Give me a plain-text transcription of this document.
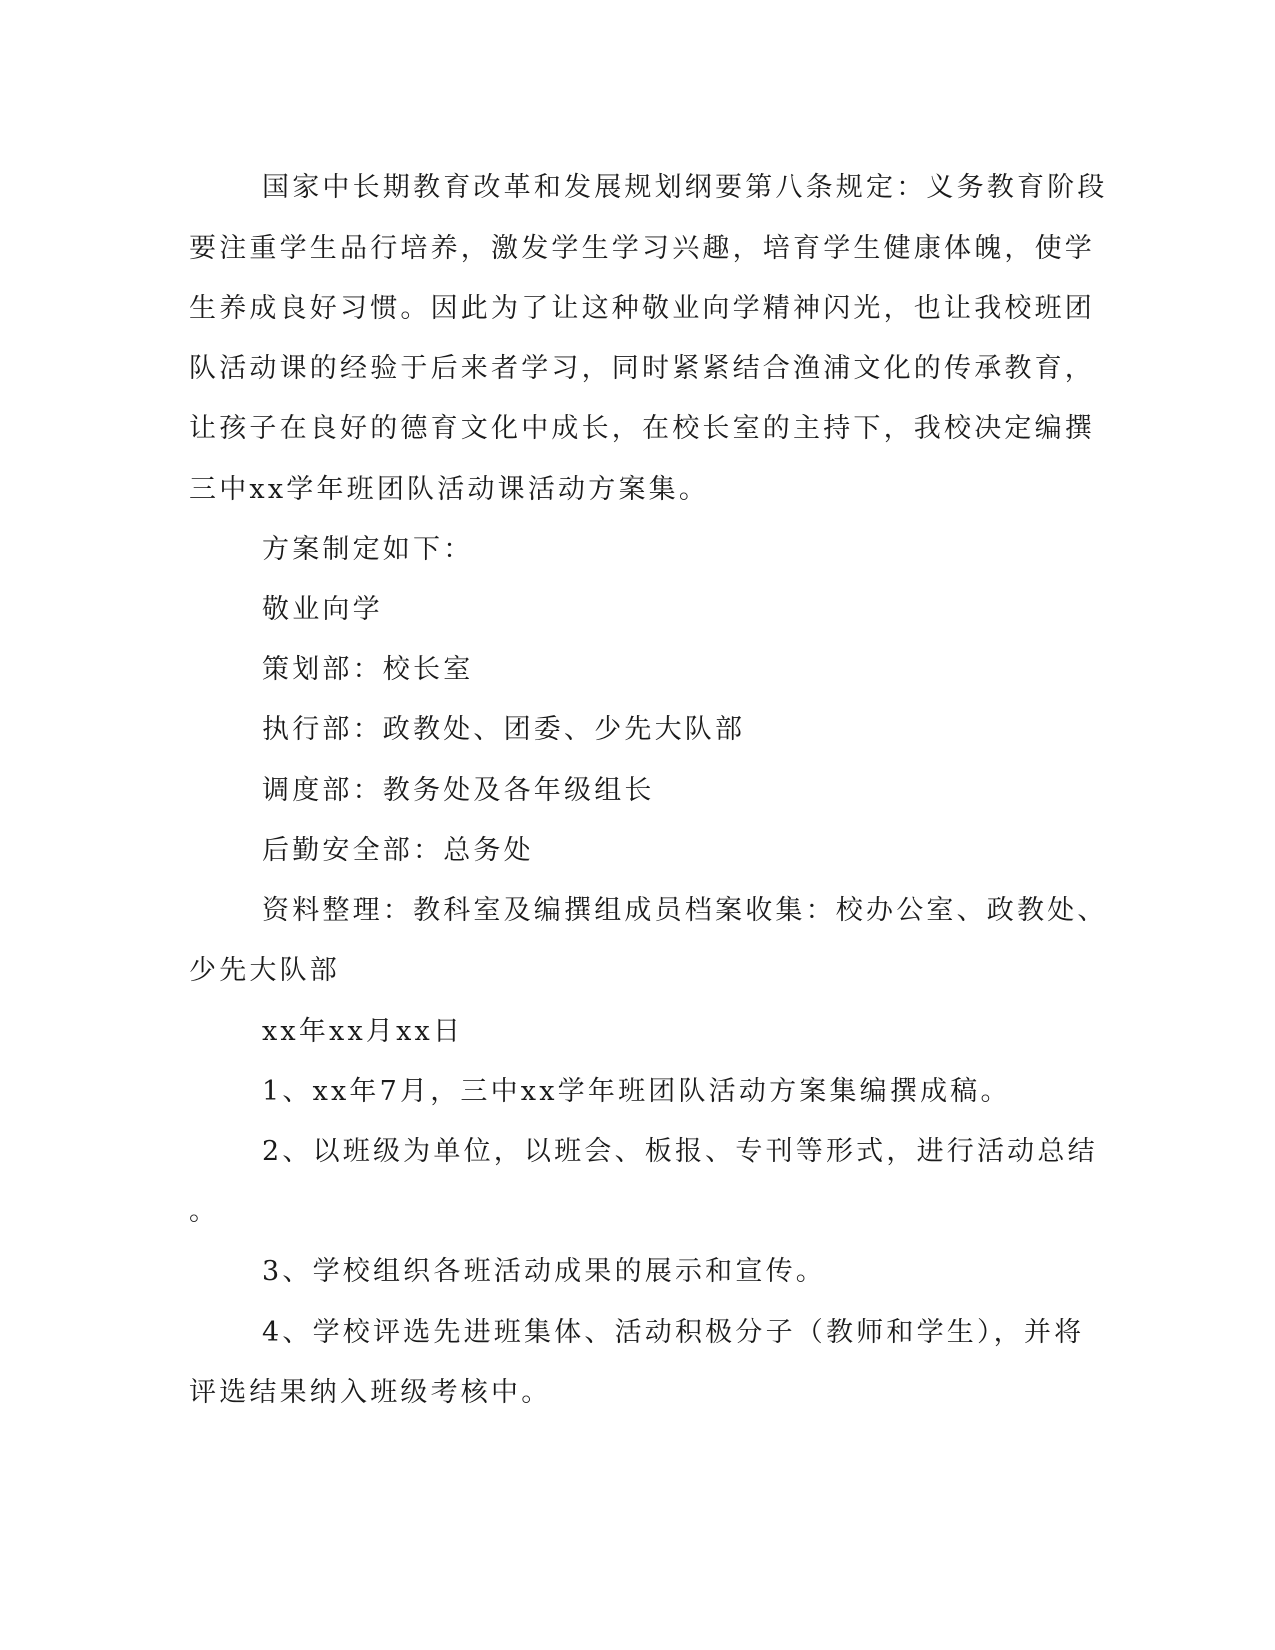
国家中长期教育改革和发展规划纲要第八条规定：义务教育阶段
要注重学生品行培养，激发学生学习兴趣，培育学生健康体魄，使学
生养成良好习惯。因此为了让这种敬业向学精神闪光，也让我校班团
队活动课的经验于后来者学习，同时紧紧结合渔浦文化的传承教育，
让孩子在良好的德育文化中成长，在校长室的主持下，我校决定编撰
三中xx学年班团队活动课活动方案集。
方案制定如下：
敬业向学
策划部：校长室
执行部：政教处、团委、少先大队部
调度部：教务处及各年级组长
后勤安全部：总务处
资料整理：教科室及编撰组成员档案收集：校办公室、政教处、
少先大队部
xx年xx月xx日
1、xx年7月，三中xx学年班团队活动方案集编撰成稿。
2、以班级为单位，以班会、板报、专刊等形式，进行活动总结
。
3、学校组织各班活动成果的展示和宣传。
4、学校评选先进班集体、活动积极分子（教师和学生），并将
评选结果纳入班级考核中。
